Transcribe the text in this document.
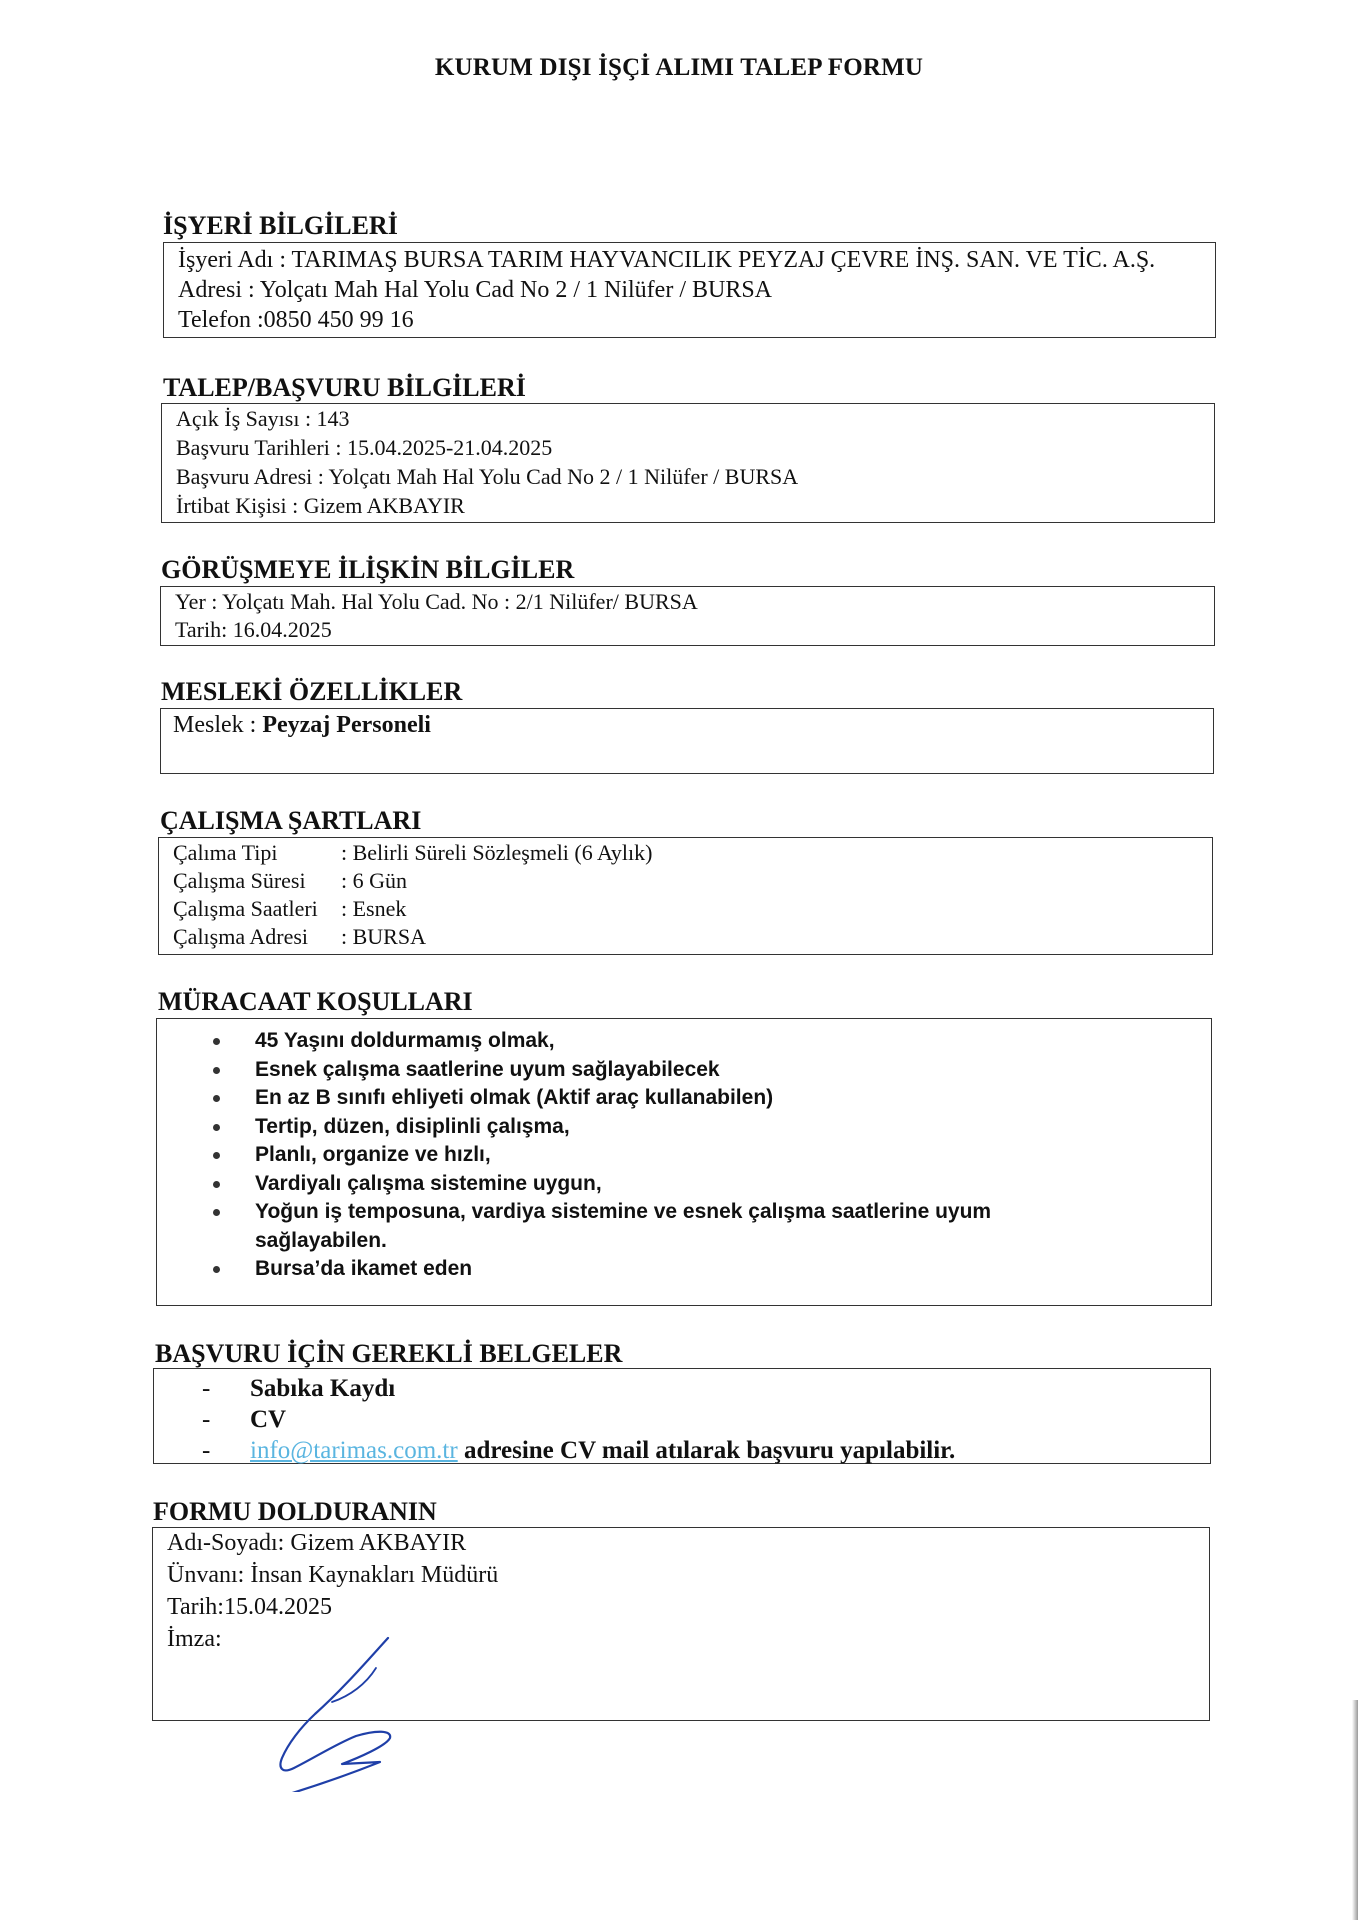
KURUM DIŞI İŞÇİ ALIMI TALEP FORMU
İŞYERİ BİLGİLERİ
İşyeri Adı : TARIMAŞ BURSA TARIM HAYVANCILIK PEYZAJ ÇEVRE İNŞ. SAN. VE TİC. A.Ş.
Adresi : Yolçatı Mah Hal Yolu Cad No 2 / 1 Nilüfer / BURSA
Telefon :0850 450 99 16
TALEP/BAŞVURU BİLGİLERİ
Açık İş Sayısı : 143
Başvuru Tarihleri : 15.04.2025-21.04.2025
Başvuru Adresi : Yolçatı Mah Hal Yolu Cad No 2 / 1 Nilüfer / BURSA
İrtibat Kişisi : Gizem AKBAYIR
GÖRÜŞMEYE İLİŞKİN BİLGİLER
Yer : Yolçatı Mah. Hal Yolu Cad. No : 2/1 Nilüfer/ BURSA
Tarih: 16.04.2025
MESLEKİ ÖZELLİKLER
Meslek : Peyzaj Personeli
ÇALIŞMA ŞARTLARI
Çalıma Tipi	: Belirli Süreli Sözleşmeli (6 Aylık)
Çalışma Süresi : 6 Gün
Çalışma Saatleri : Esnek
Çalışma Adresi : BURSA
MÜRACAAT KOŞULLARI
45 Yaşını doldurmamış olmak,
Esnek çalışma saatlerine uyum sağlayabilecek
En az B sınıfı ehliyeti olmak (Aktif araç kullanabilen)
Tertip, düzen, disiplinli çalışma,
Planlı, organize ve hızlı,
Vardiyalı çalışma sistemine uygun,
Yoğun iş temposuna, vardiya sistemine ve esnek çalışma saatlerine uyum
sağlayabilen.
Bursa’da ikamet eden
BAŞVURU İÇİN GEREKLİ BELGELER
- Sabıka Kaydı
- CV
- info@tarimas.com.tr adresine CV mail atılarak başvuru yapılabilir.
FORMU DOLDURANIN
Adı-Soyadı: Gizem AKBAYIR
Ünvanı: İnsan Kaynakları Müdürü
Tarih:15.04.2025
İmza:
